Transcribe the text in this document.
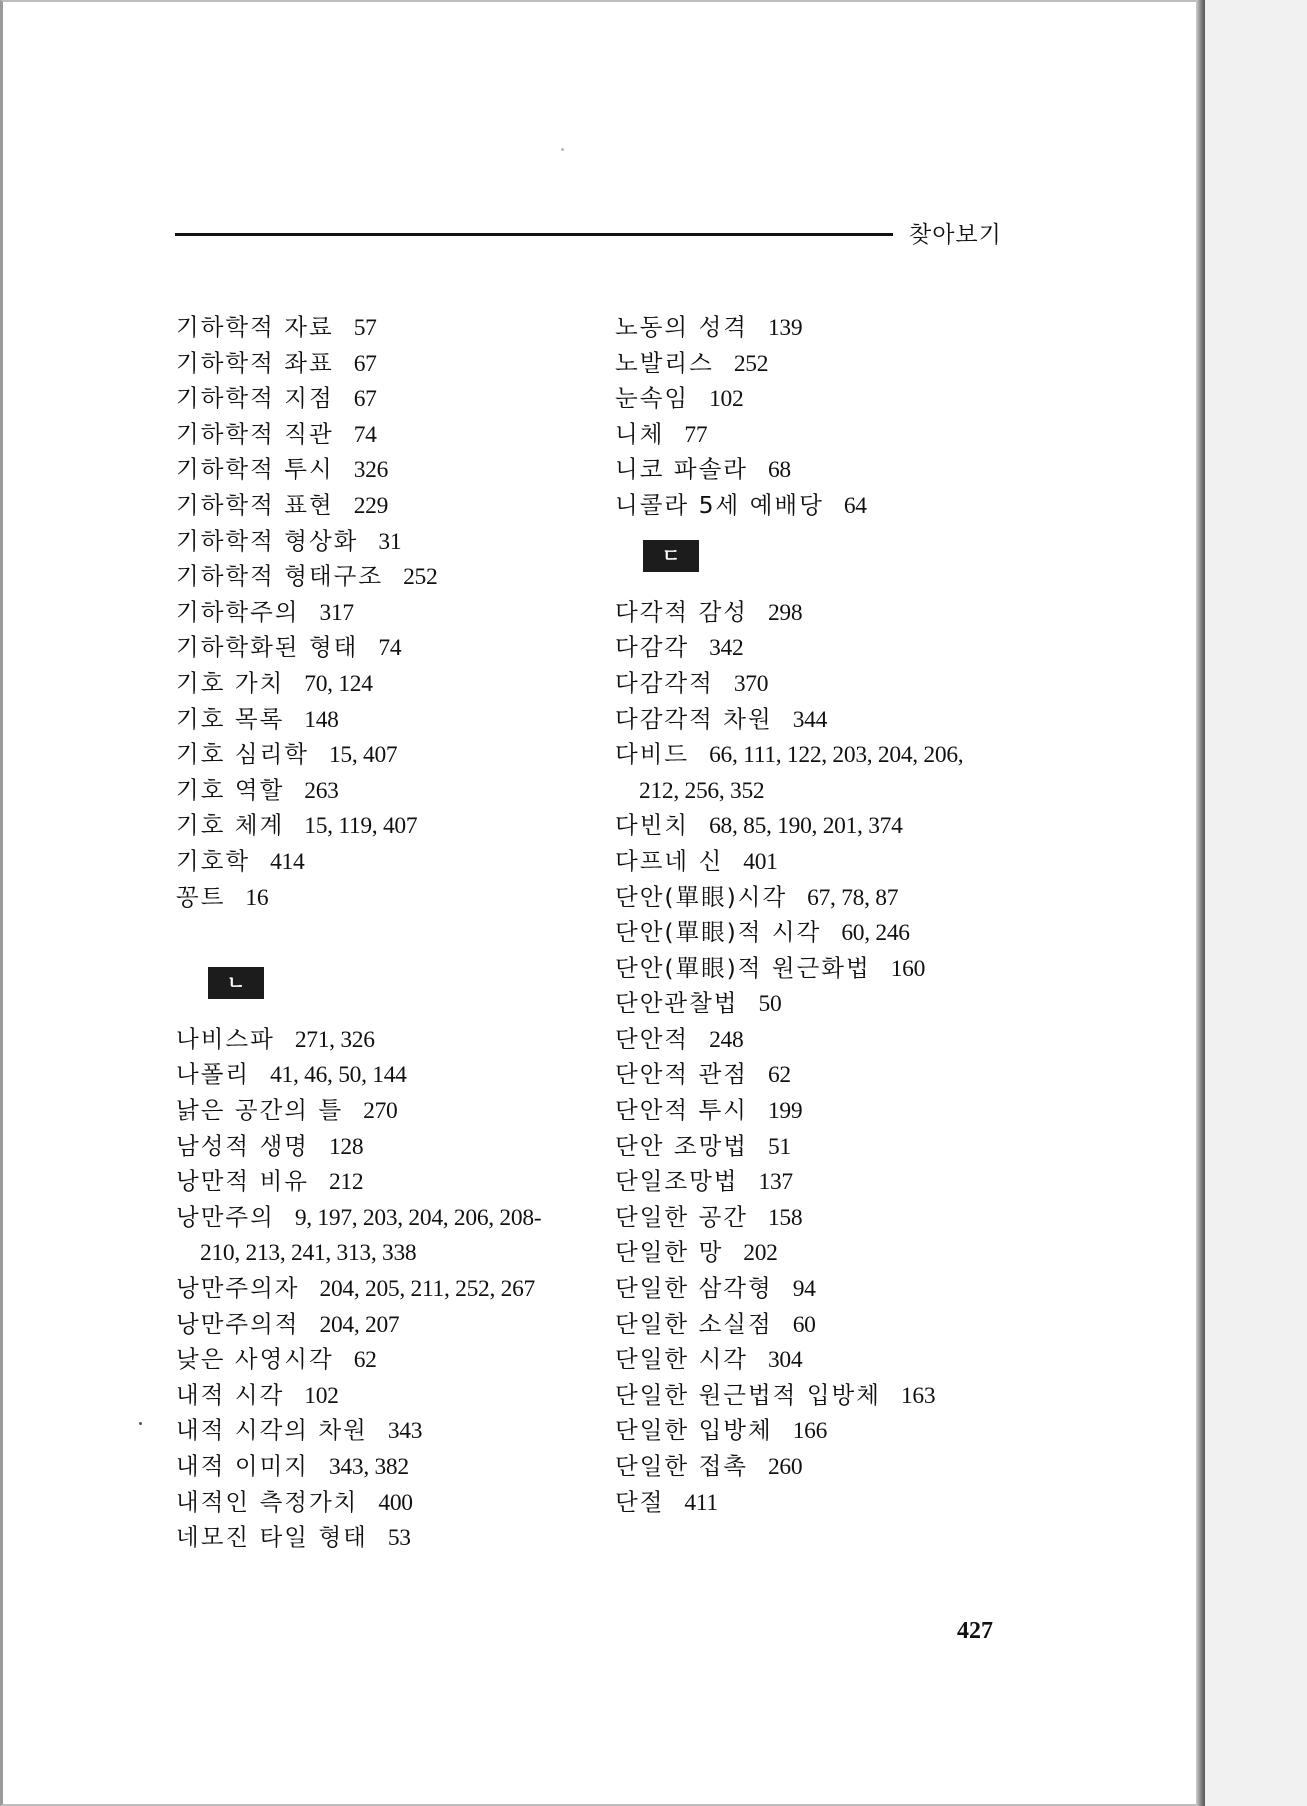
찾아보기
기하학적 자료 57
기하학적 좌표 67
기하학적 지점 67
기하학적 직관 74
기하학적 투시 326
기하학적 표현 229
기하학적 형상화 31
기하학적 형태구조 252
기하학주의 317
기하학화된 형태 74
기호 가치 70, 124
기호 목록 148
기호 심리학 15, 407
기호 역할 263
기호 체계 15, 119, 407
기호학 414
꽁트 16
ㄴ
나비스파 271, 326
나폴리 41, 46, 50, 144
낡은 공간의 틀 270
남성적 생명 128
낭만적 비유 212
낭만주의 9, 197, 203, 204, 206, 208-
210, 213, 241, 313, 338
낭만주의자 204, 205, 211, 252, 267
낭만주의적 204, 207
낮은 사영시각 62
내적 시각 102
내적 시각의 차원 343
내적 이미지 343, 382
내적인 측정가치 400
네모진 타일 형태 53
노동의 성격 139
노발리스 252
눈속임 102
니체 77
니코 파솔라 68
니콜라 5세 예배당 64
ㄷ
다각적 감성 298
다감각 342
다감각적 370
다감각적 차원 344
다비드 66, 111, 122, 203, 204, 206,
212, 256, 352
다빈치 68, 85, 190, 201, 374
다프네 신 401
단안(單眼)시각 67, 78, 87
단안(單眼)적 시각 60, 246
단안(單眼)적 원근화법 160
단안관찰법 50
단안적 248
단안적 관점 62
단안적 투시 199
단안 조망법 51
단일조망법 137
단일한 공간 158
단일한 망 202
단일한 삼각형 94
단일한 소실점 60
단일한 시각 304
단일한 원근법적 입방체 163
단일한 입방체 166
단일한 접촉 260
단절 411
427
